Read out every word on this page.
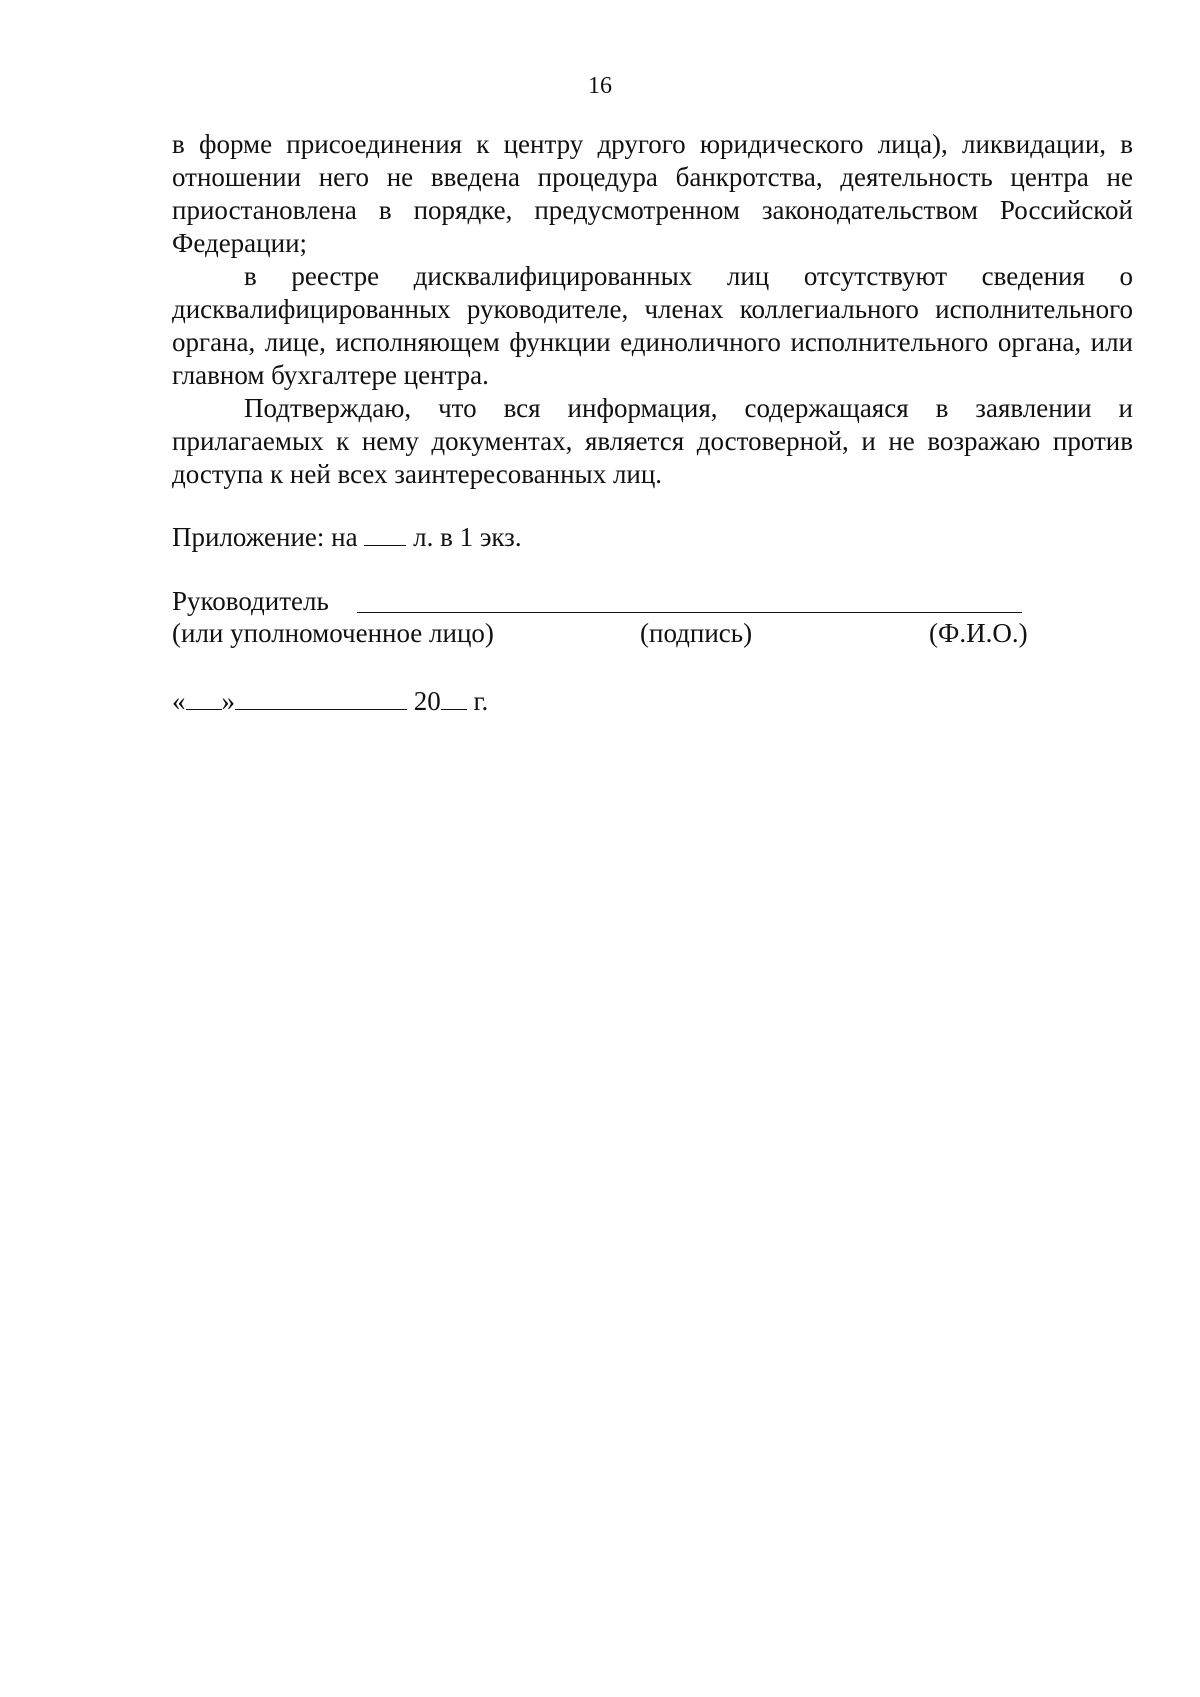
16

в форме присоединения к центру другого юридического лица), ликвидации, в отношении него не введена процедура банкротства, деятельность центра не приостановлена в порядке, предусмотренном законодательством Российской Федерации;

в реестре дисквалифицированных лиц отсутствуют сведения о дисквалифицированных руководителе, членах коллегиального исполнительного органа, лице, исполняющем функции единоличного исполнительного органа, или главном бухгалтере центра.

Подтверждаю, что вся информация, содержащаяся в заявлении и прилагаемых к нему документах, является достоверной, и не возражаю против доступа к ней всех заинтересованных лиц.

Приложение: на л. в 1 экз.
Руководитель
(или уполномоченное лицо)	(подпись)	(Ф.И.О.)
« »	20 г.
